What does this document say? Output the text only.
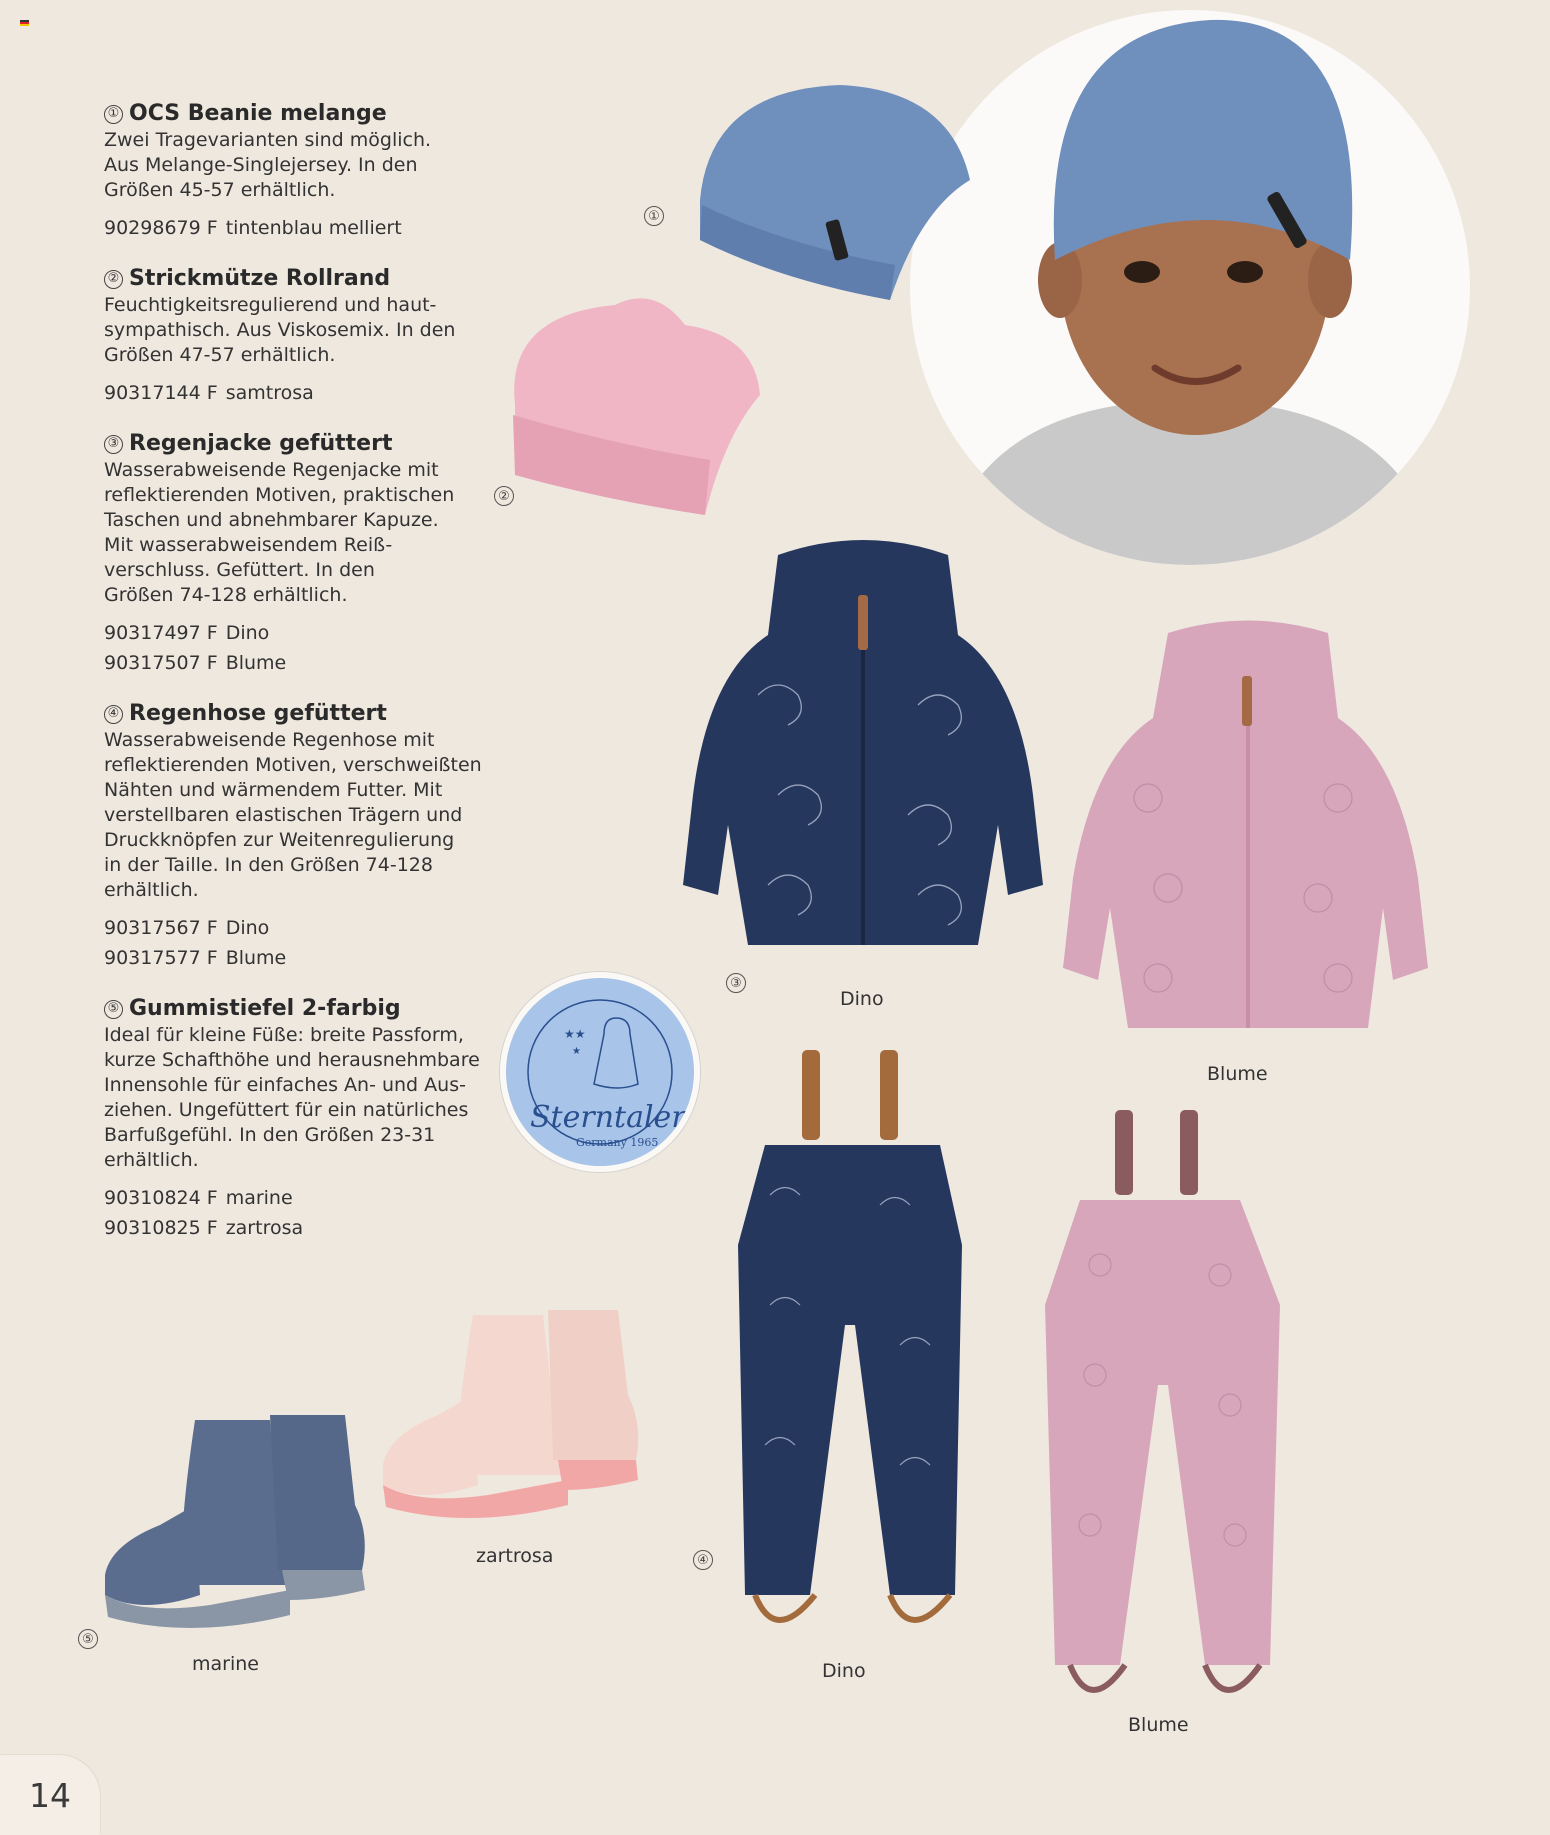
① OCS Beanie melange

Zwei Tragevarianten sind möglich.
Aus Melange-Singlejersey. In den
Größen 45-57 erhältlich.

90298679 F tintenblau melliert
② Strickmütze Rollrand

Feuchtigkeitsregulierend und haut-
sympathisch. Aus Viskosemix. In den
Größen 47-57 erhältlich.

90317144 F samtrosa
③ Regenjacke gefüttert

Wasserabweisende Regenjacke mit
reflektierenden Motiven, praktischen
Taschen und abnehmbarer Kapuze.
Mit wasserabweisendem Reiß-
verschluss. Gefüttert. In den
Größen 74-128 erhältlich.

90317497 F Dino
90317507 F Blume
④ Regenhose gefüttert

Wasserabweisende Regenhose mit
reflektierenden Motiven, verschweißten
Nähten und wärmendem Futter. Mit
verstellbaren elastischen Trägern und
Druckknöpfen zur Weitenregulierung
in der Taille. In den Größen 74-128
erhältlich.

90317567 F Dino
90317577 F Blume
⑤ Gummistiefel 2-farbig

Ideal für kleine Füße: breite Passform,
kurze Schafthöhe und herausnehmbare
Innensohle für einfaches An- und Aus-
ziehen. Ungefüttert für ein natürliches
Barfußgefühl. In den Größen 23-31
erhältlich.

90310824 F marine
90310825 F zartrosa
①
②
③
Dino
Blume
★★
★
Sterntaler
Germany 1965
④
Dino
Blume
zartrosa
⑤
marine
14
